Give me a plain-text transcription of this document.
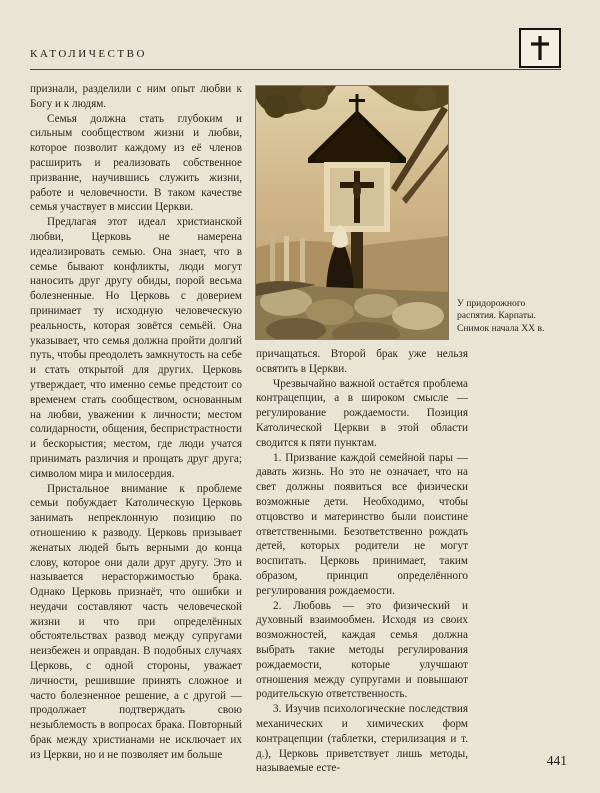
КАТОЛИЧЕСТВО

признали, разделили с ним опыт любви к Богу и к людям.

Семья должна стать глубоким и сильным сообществом жизни и любви, которое позволит каждому из её членов расширить и реализовать собственное призвание, научившись служить жизни, работе и человечности. В таком качестве семья участвует в миссии Церкви.

Предлагая этот идеал христианской любви, Церковь не намерена идеализировать семью. Она знает, что в семье бывают конфликты, люди могут наносить друг другу обиды, порой весьма болезненные. Но Церковь с доверием принимает ту исходную человеческую реальность, которая зовётся семьёй. Она указывает, что семья должна пройти долгий путь, чтобы преодолеть замкнутость на себе и стать открытой для других. Церковь утверждает, что именно семье предстоит со временем стать сообществом, основанным на любви, уважении к личности; местом солидарности, общения, беспристрастности и бескорыстия; местом, где люди учатся принимать различия и прощать друг друга; символом мира и милосердия.

Пристальное внимание к проблеме семьи побуждает Католическую Церковь занимать непреклонную позицию по отношению к разводу. Церковь призывает женатых людей быть верными до конца слову, которое они дали друг другу. Это и называется нерасторжимостью брака. Однако Церковь признаёт, что ошибки и неудачи составляют часть человеческой жизни и что при определённых обстоятельствах развод между супругами неизбежен и оправдан. В подобных случаях Церковь, с одной стороны, уважает личности, решившие принять сложное и часто болезненное решение, а с другой — продолжает подтверждать свою незыблемость в вопросах брака. Повторный брак между христианами не исключает их из Церкви, но и не позволяет им больше

У придорожного распятия. Карпаты. Снимок начала XX в.

причащаться. Второй брак уже нельзя освятить в Церкви.

Чрезвычайно важной остаётся проблема контрацепции, а в широком смысле — регулирование рождаемости. Позиция Католической Церкви в этой области сводится к пяти пунктам.

1. Призвание каждой семейной пары — давать жизнь. Но это не означает, что на свет должны появиться все физически возможные дети. Необходимо, чтобы отцовство и материнство были поистине ответственными. Безответственно рождать детей, которых родители не могут воспитать. Церковь принимает, таким образом, принцип определённого регулирования рождаемости.

2. Любовь — это физический и духовный взаимообмен. Исходя из своих возможностей, каждая семья должна выбрать такие методы регулирования рождаемости, которые улучшают отношения между супругами и повышают родительскую ответственность.

3. Изучив психологические последствия механических и химических форм контрацепции (таблетки, стерилизация и т. д.), Церковь приветствует лишь методы, называемые есте-

441
